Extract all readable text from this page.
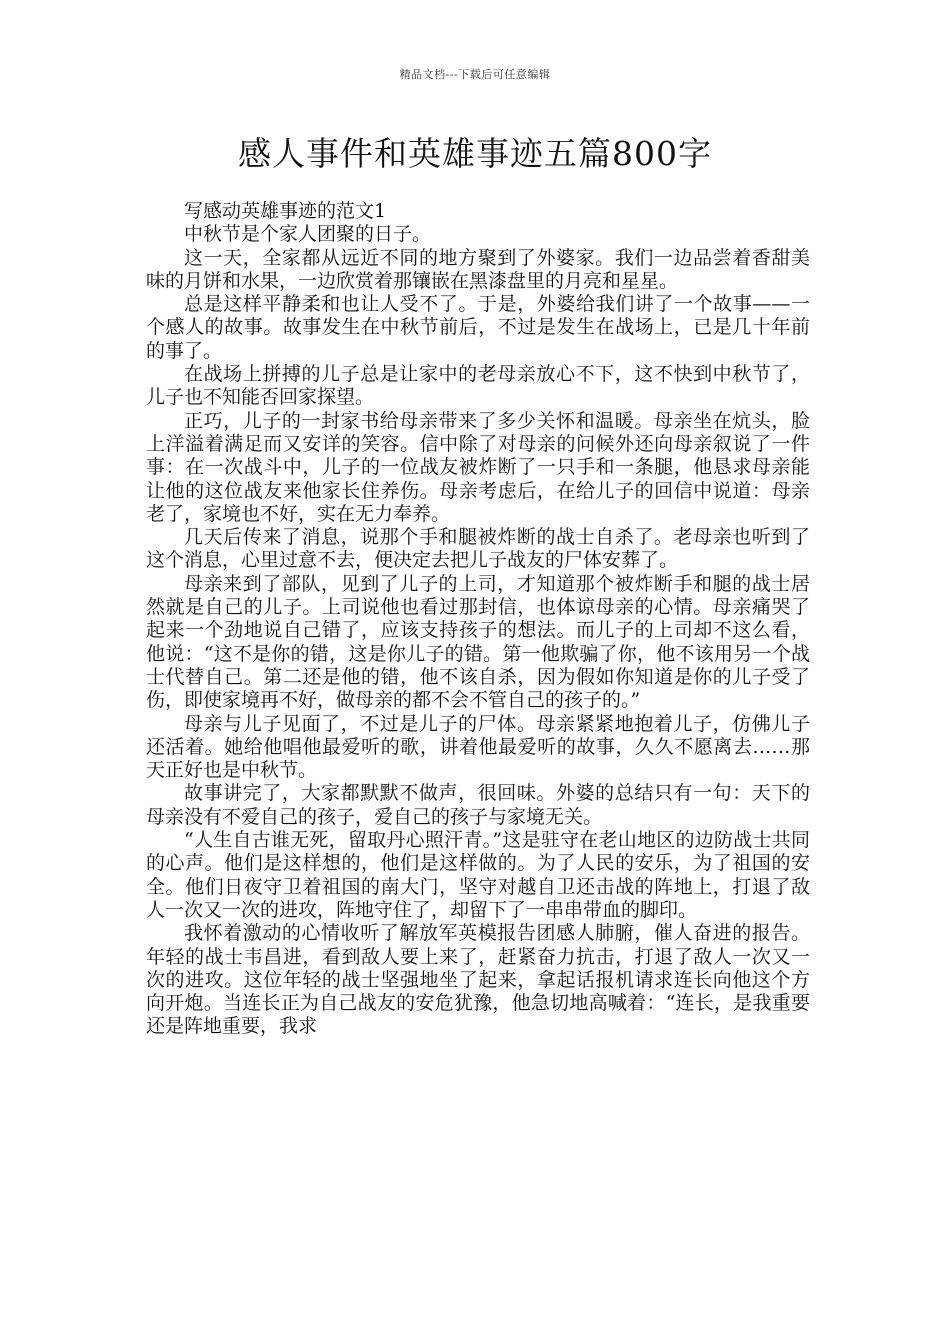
精品文档---下载后可任意编辑
感人事件和英雄事迹五篇800字

写感动英雄事迹的范文1

中秋节是个家人团聚的日子。

这一天，全家都从远近不同的地方聚到了外婆家。我们一边品尝着香甜美味的月饼和水果，一边欣赏着那镶嵌在黑漆盘里的月亮和星星。

总是这样平静柔和也让人受不了。于是，外婆给我们讲了一个故事——一个感人的故事。故事发生在中秋节前后，不过是发生在战场上，已是几十年前的事了。

在战场上拼搏的儿子总是让家中的老母亲放心不下，这不快到中秋节了，儿子也不知能否回家探望。

正巧，儿子的一封家书给母亲带来了多少关怀和温暖。母亲坐在炕头，脸上洋溢着满足而又安详的笑容。信中除了对母亲的问候外还向母亲叙说了一件事：在一次战斗中，儿子的一位战友被炸断了一只手和一条腿，他恳求母亲能让他的这位战友来他家长住养伤。母亲考虑后，在给儿子的回信中说道：母亲老了，家境也不好，实在无力奉养。

几天后传来了消息，说那个手和腿被炸断的战士自杀了。老母亲也听到了这个消息，心里过意不去，便决定去把儿子战友的尸体安葬了。

母亲来到了部队，见到了儿子的上司，才知道那个被炸断手和腿的战士居然就是自己的儿子。上司说他也看过那封信，也体谅母亲的心情。母亲痛哭了起来一个劲地说自己错了，应该支持孩子的想法。而儿子的上司却不这么看，他说：“这不是你的错，这是你儿子的错。第一他欺骗了你，他不该用另一个战士代替自己。第二还是他的错，他不该自杀，因为假如你知道是你的儿子受了伤，即使家境再不好，做母亲的都不会不管自己的孩子的。”

母亲与儿子见面了，不过是儿子的尸体。母亲紧紧地抱着儿子，仿佛儿子还活着。她给他唱他最爱听的歌，讲着他最爱听的故事，久久不愿离去……那天正好也是中秋节。

故事讲完了，大家都默默不做声，很回味。外婆的总结只有一句：天下的母亲没有不爱自己的孩子，爱自己的孩子与家境无关。

“人生自古谁无死，留取丹心照汗青。”这是驻守在老山地区的边防战士共同的心声。他们是这样想的，他们是这样做的。为了人民的安乐，为了祖国的安全。他们日夜守卫着祖国的南大门，坚守对越自卫还击战的阵地上，打退了敌人一次又一次的进攻，阵地守住了，却留下了一串串带血的脚印。

我怀着激动的心情收听了解放军英模报告团感人肺腑，催人奋进的报告。年轻的战士韦昌进，看到敌人要上来了，赶紧奋力抗击，打退了敌人一次又一次的进攻。这位年轻的战士坚强地坐了起来，拿起话报机请求连长向他这个方向开炮。当连长正为自己战友的安危犹豫，他急切地高喊着：“连长，是我重要还是阵地重要，我求
